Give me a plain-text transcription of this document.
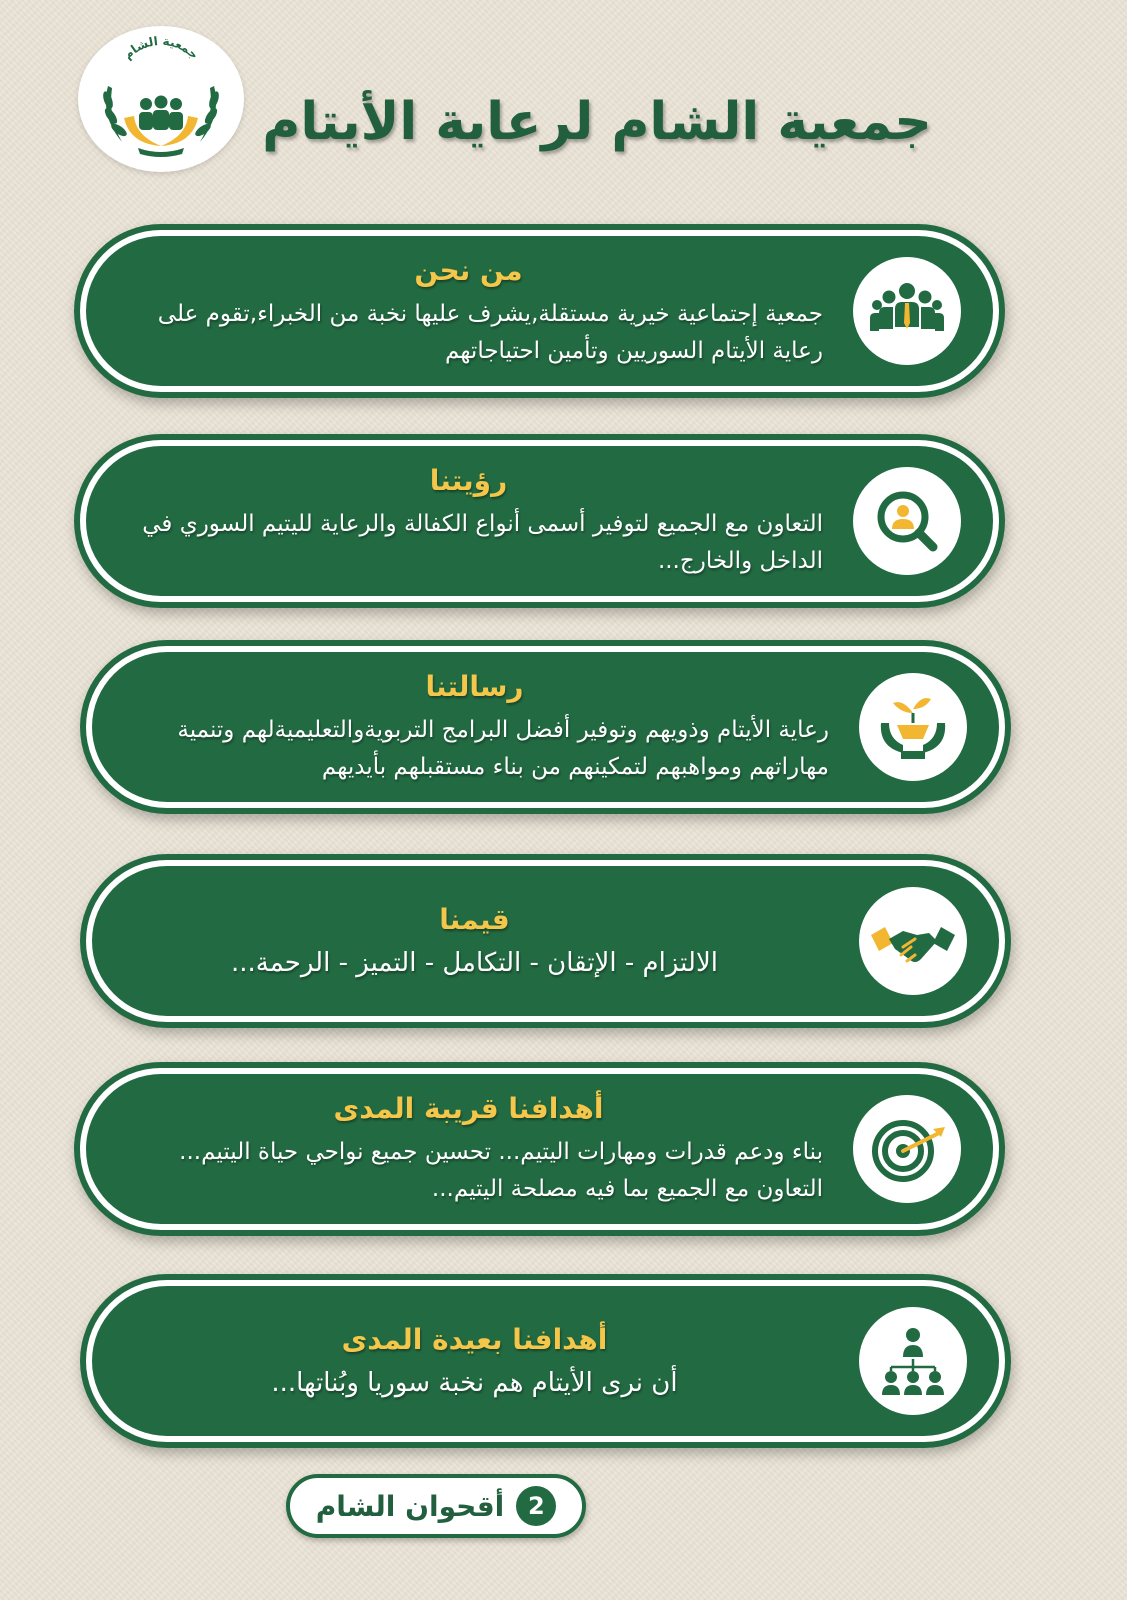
جمعية الشام
جمعية الشام لرعاية الأيتام
من نحن

جمعية إجتماعية خيرية مستقلة,يشرف عليها نخبة من الخبراء,تقوم على رعاية الأيتام السوريين وتأمين احتياجاتهم

رؤيتنا

التعاون مع الجميع لتوفير أسمى أنواع الكفالة والرعاية لليتيم السوري في الداخل والخارج...

رسالتنا

رعاية الأيتام وذويهم وتوفير أفضل البرامج التربويةوالتعليميةلهم وتنمية مهاراتهم ومواهبهم لتمكينهم من بناء مستقبلهم بأيديهم

قيمنا

الالتزام - الإتقان - التكامل - التميز - الرحمة...

أهدافنا قريبة المدى

بناء ودعم قدرات ومهارات اليتيم... تحسين جميع نواحي حياة اليتيم... التعاون مع الجميع بما فيه مصلحة اليتيم...

أهدافنا بعيدة المدى

أن نرى الأيتام هم نخبة سوريا وبُناتها...

2
أقحوان الشام
